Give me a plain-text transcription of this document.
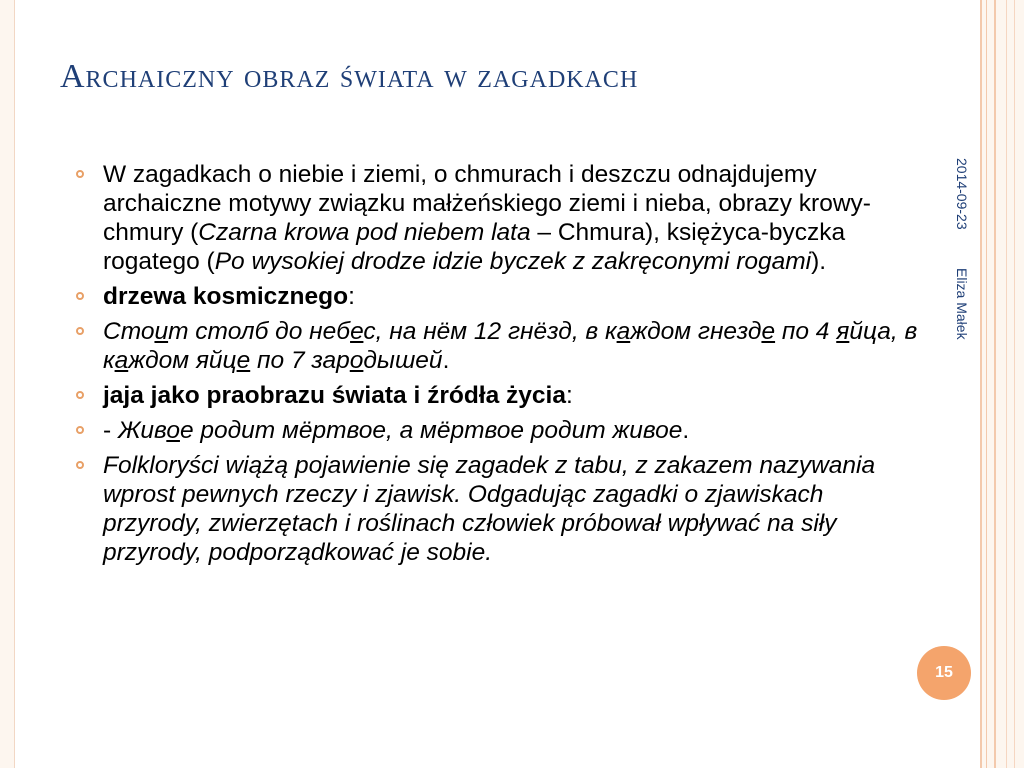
Archaiczny obraz świata w zagadkach
W zagadkach o niebie i ziemi, o chmurach i deszczu odnajdujemy archaiczne motywy związku małżeńskiego ziemi i nieba, obrazy krowy-chmury (Czarna krowa pod niebem lata – Chmura), księżyca-byczka rogatego (Po wysokiej drodze idzie byczek z zakręconymi rogami).
drzewa kosmicznego:
Стоит столб до небес, на нём 12 гнёзд, в каждом гнезде по 4 яйца, в каждом яйце по 7 зародышей.
jaja jako praobrazu świata i źródła życia:
- Живое родит мёртвое, а мёртвое родит живое.
Folkloryści wiążą pojawienie się zagadek z tabu, z zakazem nazywania wprost pewnych rzeczy i zjawisk. Odgadując zagadki o zjawiskach przyrody, zwierzętach i roślinach człowiek próbował wpływać na siły przyrody, podporządkować je sobie.
2014-09-23
Eliza Małek
15
